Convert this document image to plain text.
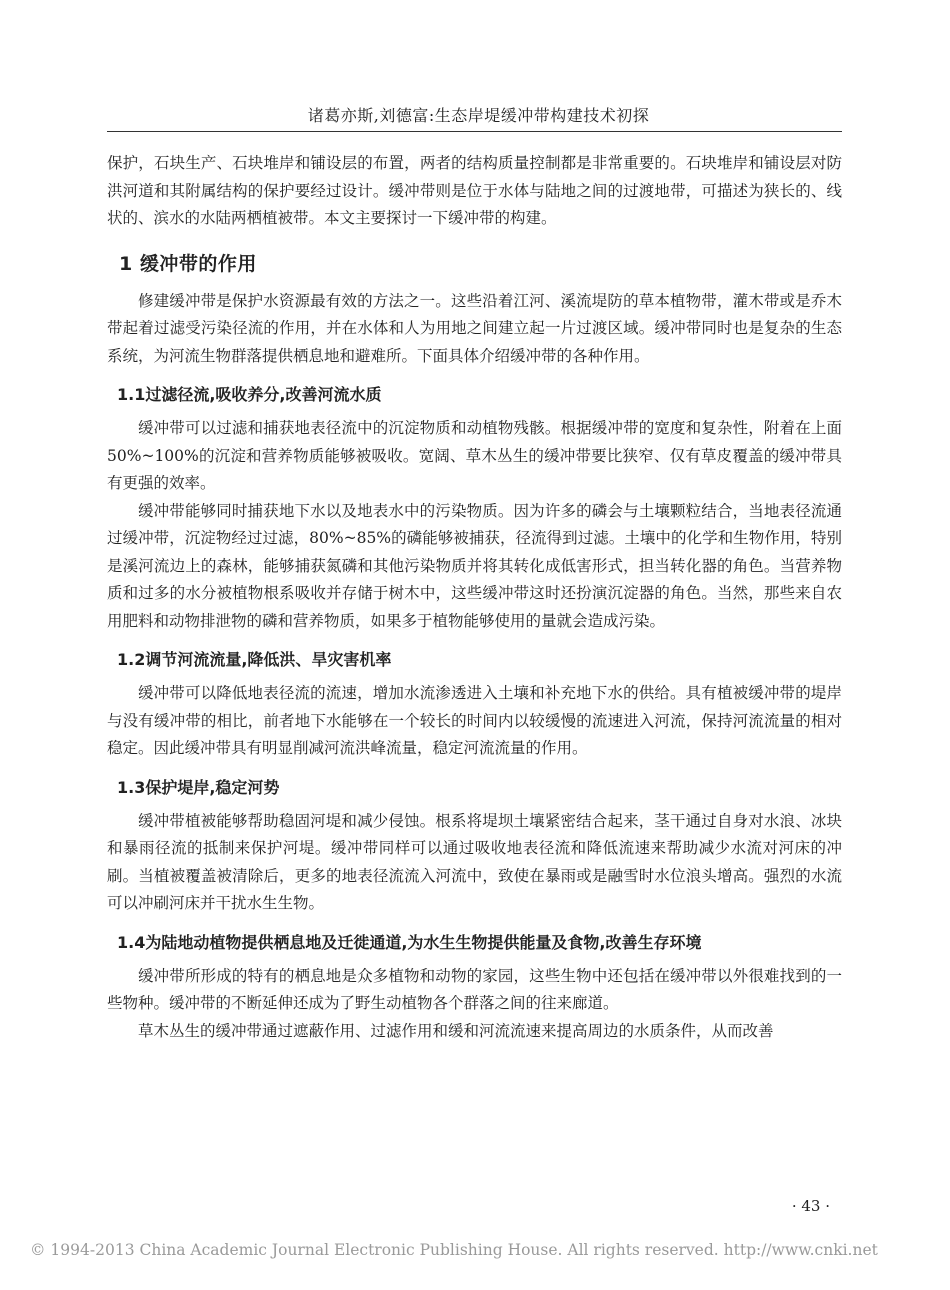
诸葛亦斯,刘德富:生态岸堤缓冲带构建技术初探

保护，石块生产、石块堆岸和铺设层的布置，两者的结构质量控制都是非常重要的。石块堆岸和铺设层对防洪河道和其附属结构的保护要经过设计。缓冲带则是位于水体与陆地之间的过渡地带，可描述为狭长的、线状的、滨水的水陆两栖植被带。本文主要探讨一下缓冲带的构建。

1 缓冲带的作用

修建缓冲带是保护水资源最有效的方法之一。这些沿着江河、溪流堤防的草本植物带，灌木带或是乔木带起着过滤受污染径流的作用，并在水体和人为用地之间建立起一片过渡区域。缓冲带同时也是复杂的生态系统，为河流生物群落提供栖息地和避难所。下面具体介绍缓冲带的各种作用。

1.1过滤径流,吸收养分,改善河流水质

缓冲带可以过滤和捕获地表径流中的沉淀物质和动植物残骸。根据缓冲带的宽度和复杂性，附着在上面 50%~100%的沉淀和营养物质能够被吸收。宽阔、草木丛生的缓冲带要比狭窄、仅有草皮覆盖的缓冲带具有更强的效率。

缓冲带能够同时捕获地下水以及地表水中的污染物质。因为许多的磷会与土壤颗粒结合，当地表径流通过缓冲带，沉淀物经过过滤，80%~85%的磷能够被捕获，径流得到过滤。土壤中的化学和生物作用，特别是溪河流边上的森林，能够捕获氮磷和其他污染物质并将其转化成低害形式，担当转化器的角色。当营养物质和过多的水分被植物根系吸收并存储于树木中，这些缓冲带这时还扮演沉淀器的角色。当然，那些来自农用肥料和动物排泄物的磷和营养物质，如果多于植物能够使用的量就会造成污染。

1.2调节河流流量,降低洪、旱灾害机率

缓冲带可以降低地表径流的流速，增加水流渗透进入土壤和补充地下水的供给。具有植被缓冲带的堤岸与没有缓冲带的相比，前者地下水能够在一个较长的时间内以较缓慢的流速进入河流，保持河流流量的相对稳定。因此缓冲带具有明显削减河流洪峰流量，稳定河流流量的作用。

1.3保护堤岸,稳定河势

缓冲带植被能够帮助稳固河堤和减少侵蚀。根系将堤坝土壤紧密结合起来，茎干通过自身对水浪、冰块和暴雨径流的抵制来保护河堤。缓冲带同样可以通过吸收地表径流和降低流速来帮助减少水流对河床的冲刷。当植被覆盖被清除后，更多的地表径流流入河流中，致使在暴雨或是融雪时水位浪头增高。强烈的水流可以冲刷河床并干扰水生生物。

1.4为陆地动植物提供栖息地及迁徙通道,为水生生物提供能量及食物,改善生存环境

缓冲带所形成的特有的栖息地是众多植物和动物的家园，这些生物中还包括在缓冲带以外很难找到的一些物种。缓冲带的不断延伸还成为了野生动植物各个群落之间的往来廊道。

草木丛生的缓冲带通过遮蔽作用、过滤作用和缓和河流流速来提高周边的水质条件，从而改善

· 43 ·
© 1994-2013 China Academic Journal Electronic Publishing House. All rights reserved. http://www.cnki.net
